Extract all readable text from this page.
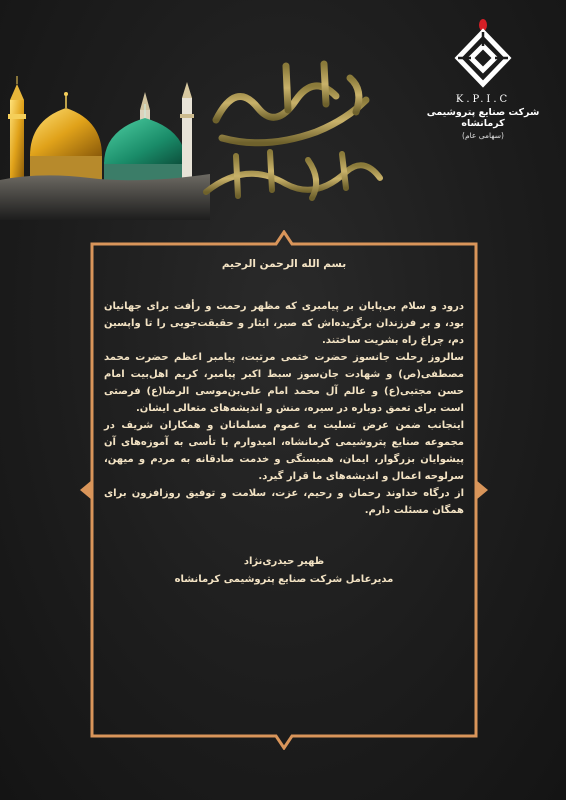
K.P.I.C
شرکت صنایع پتروشیمی کرمانشاه
(سهامی عام)

بسم الله الرحمن الرحیم

درود و سلام بی‌پایان بر پیامبری که مظهر رحمت و رأفت برای جهانیان بود، و بر فرزندان برگزیده‌اش که صبر، ایثار و حقیقت‌جویی را تا واپسین دم، چراغ راه بشریت ساختند.

سالروز رحلت جانسوز حضرت ختمی مرتبت، پیامبر اعظم حضرت محمد مصطفی(ص) و شهادت جان‌سوز سبط اکبر پیامبر، کریم اهل‌بیت امام حسن مجتبی(ع) و عالم آل محمد امام علی‌بن‌موسی الرضا(ع) فرصتی است برای تعمق دوباره در سیره، منش و اندیشه‌های متعالی ایشان.

اینجانب ضمن عرض تسلیت به عموم مسلمانان و همکاران شریف در مجموعه صنایع پتروشیمی کرمانشاه، امیدوارم با تأسی به آموزه‌های آن پیشوایان بزرگوار، ایمان، همبستگی و خدمت صادقانه به مردم و میهن، سرلوحه اعمال و اندیشه‌های ما قرار گیرد.

از درگاه خداوند رحمان و رحیم، عزت، سلامت و توفیق روزافزون برای همگان مسئلت دارم.

ظهیر حیدری‌نژاد
مدیرعامل شرکت صنایع پتروشیمی کرمانشاه
